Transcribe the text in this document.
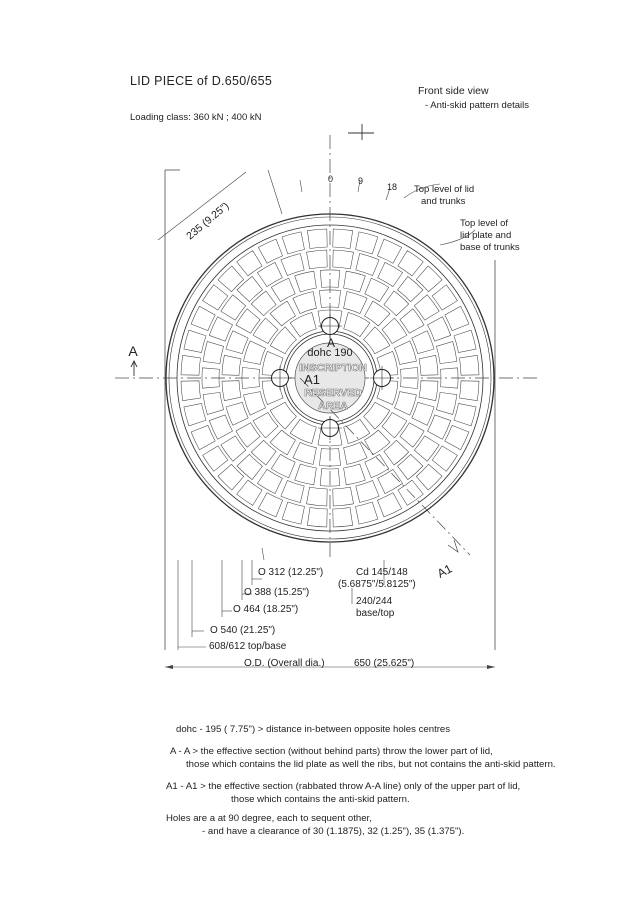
LID PIECE of D.650/655
Loading class: 360 kN ; 400 kN
Front side view
- Anti-skid pattern details
Top level of lid
and trunks
Top level of
lid plate and
base of trunks
dohc 190
A
A1
INSCRIPTION
RESERVED
AREA
A
A1
235 (9.25")
0	9
18
O 312 (12.25")
O 388 (15.25")
O 464 (18.25")
O 540 (21.25")
608/612 top/base
O.D. (Overall dia.)	650 (25.625")
Cd 145/148
(5.6875"/5.8125")
240/244
base/top
dohc - 195 ( 7.75") > distance in-between opposite holes centres
A - A > the effective section (without behind parts) throw the lower part of lid,
those which contains the lid plate as well the ribs, but not contains the anti-skid pattern.
A1 - A1 > the effective section (rabbated throw A-A line) only of the upper part of lid,
those which contains the anti-skid pattern.
Holes are a at 90 degree, each to sequent other,
- and have a clearance of 30 (1.1875), 32 (1.25"), 35 (1.375").
